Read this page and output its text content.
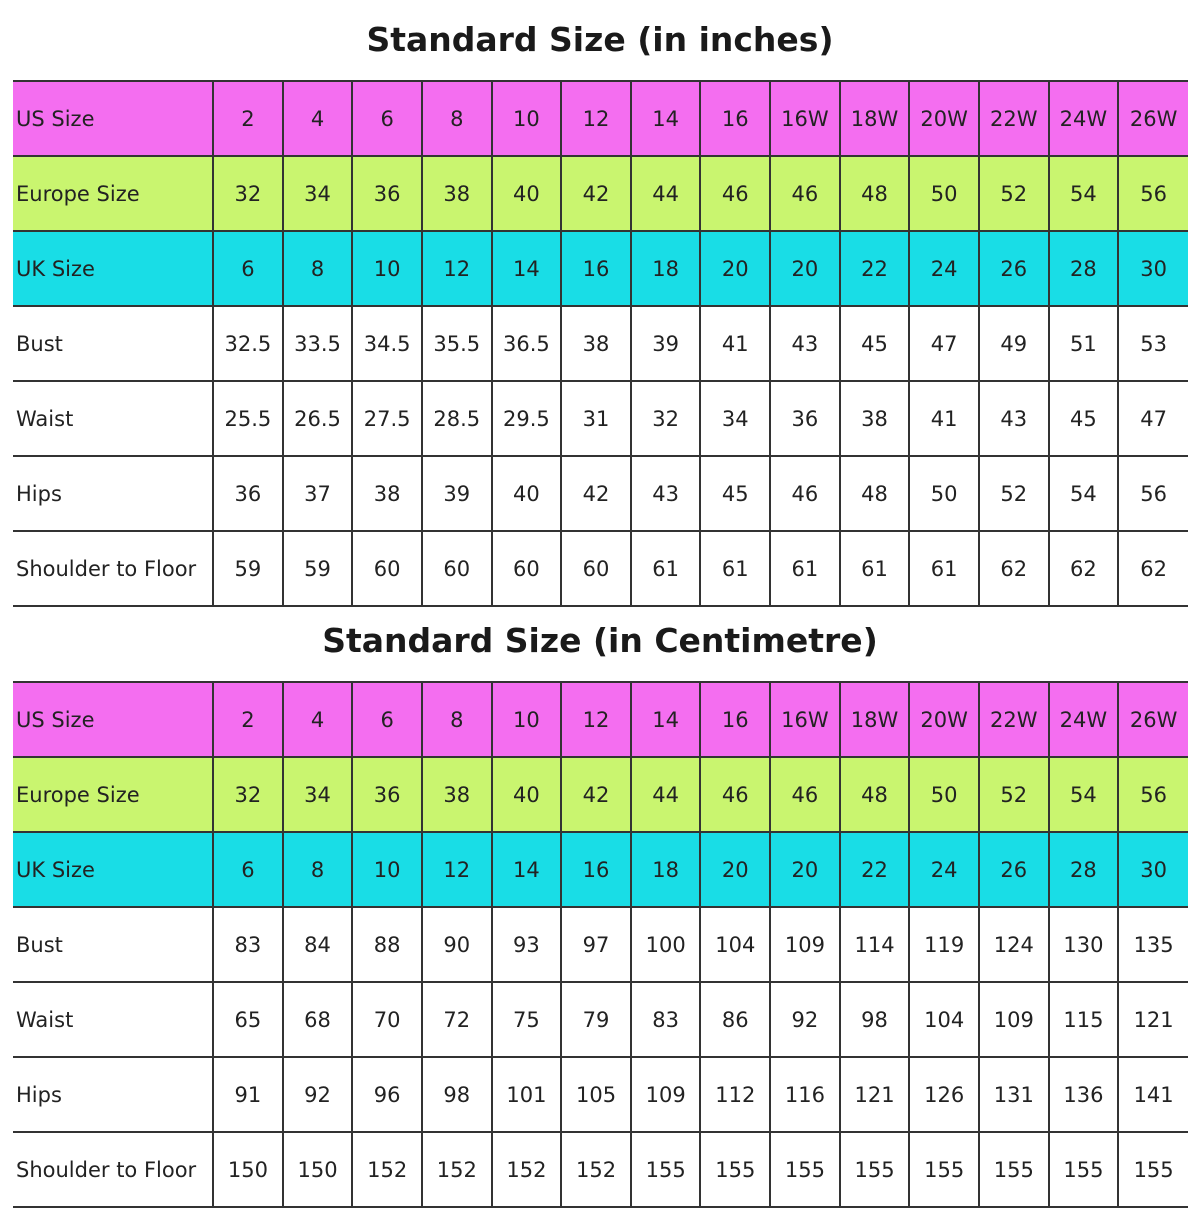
Standard Size (in inches)
US Size	2	4	6	8	10	12	14	16	16W	18W	20W	22W	24W	26W
Europe Size	32	34	36	38	40	42	44	46	46	48	50	52	54	56
UK Size	6	8	10	12	14	16	18	20	20	22	24	26	28	30
Bust	32.5	33.5	34.5	35.5	36.5	38	39	41	43	45	47	49	51	53
Waist	25.5	26.5	27.5	28.5	29.5	31	32	34	36	38	41	43	45	47
Hips	36	37	38	39	40	42	43	45	46	48	50	52	54	56
Shoulder to Floor	59	59	60	60	60	60	61	61	61	61	61	62	62	62
Standard Size (in Centimetre)
US Size	2	4	6	8	10	12	14	16	16W	18W	20W	22W	24W	26W
Europe Size	32	34	36	38	40	42	44	46	46	48	50	52	54	56
UK Size	6	8	10	12	14	16	18	20	20	22	24	26	28	30
Bust	83	84	88	90	93	97	100	104	109	114	119	124	130	135
Waist	65	68	70	72	75	79	83	86	92	98	104	109	115	121
Hips	91	92	96	98	101	105	109	112	116	121	126	131	136	141
Shoulder to Floor	150	150	152	152	152	152	155	155	155	155	155	155	155	155
